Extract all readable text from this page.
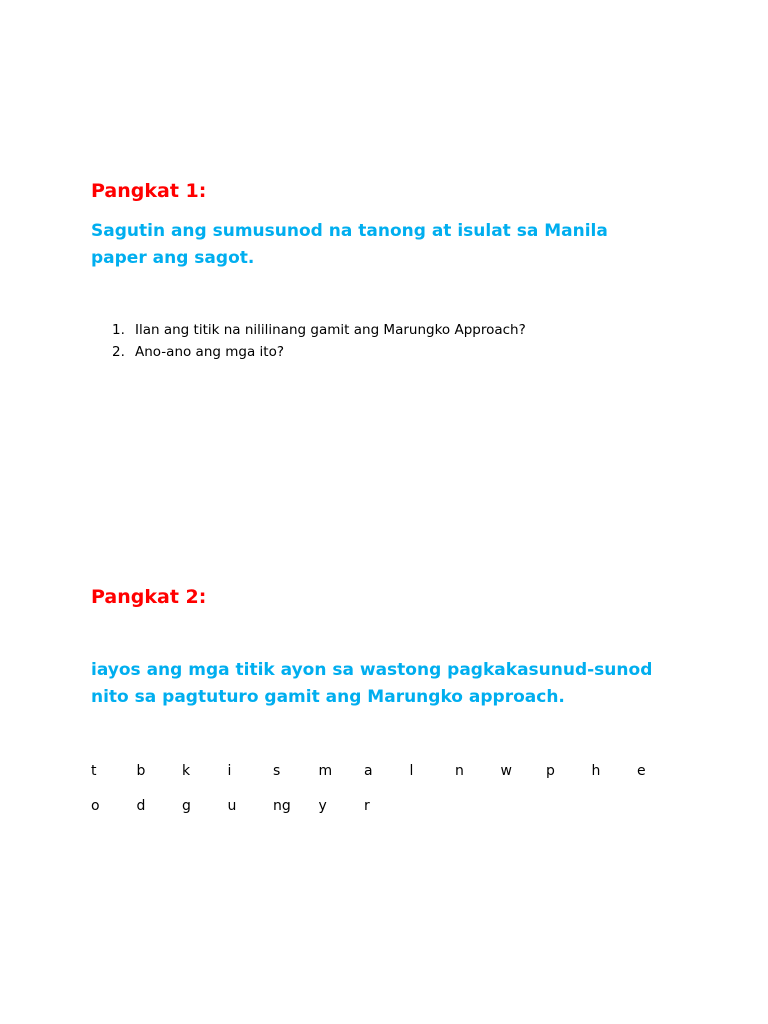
Pangkat 1:

Sagutin ang sumusunod na tanong at isulat sa Manila
paper ang sagot.

1. Ilan ang titik na nililinang gamit ang Marungko Approach?
2. Ano-ano ang mga ito?
Pangkat 2:

iayos ang mga titik ayon sa wastong pagkakasunud-sunod
nito sa pagtuturo gamit ang Marungko approach.

t	b	k	i	s	m	a	l	n	w	p	h	e
o	d	g	u	ng	y	r
